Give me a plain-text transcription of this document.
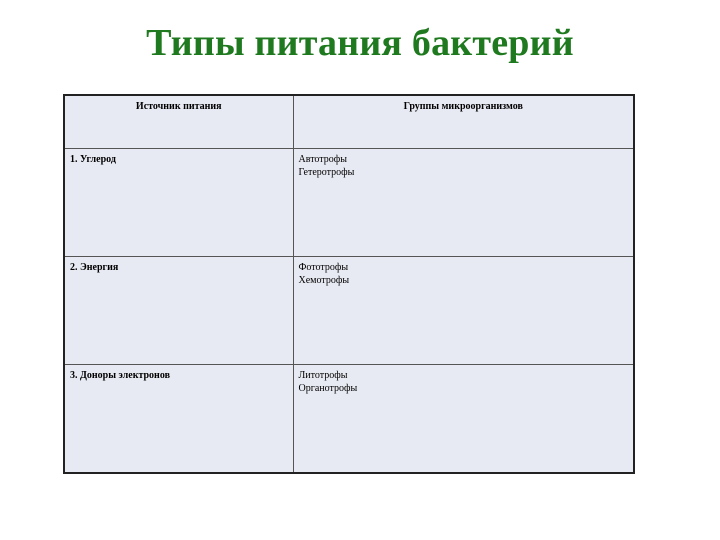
Типы питания бактерий
Источник питания	Группы микроорганизмов
1. Углерод	Автотрофы
Гетеротрофы

2. Энергия	Фототрофы
Хемотрофы

3. Доноры электронов	Литотрофы
Органотрофы
